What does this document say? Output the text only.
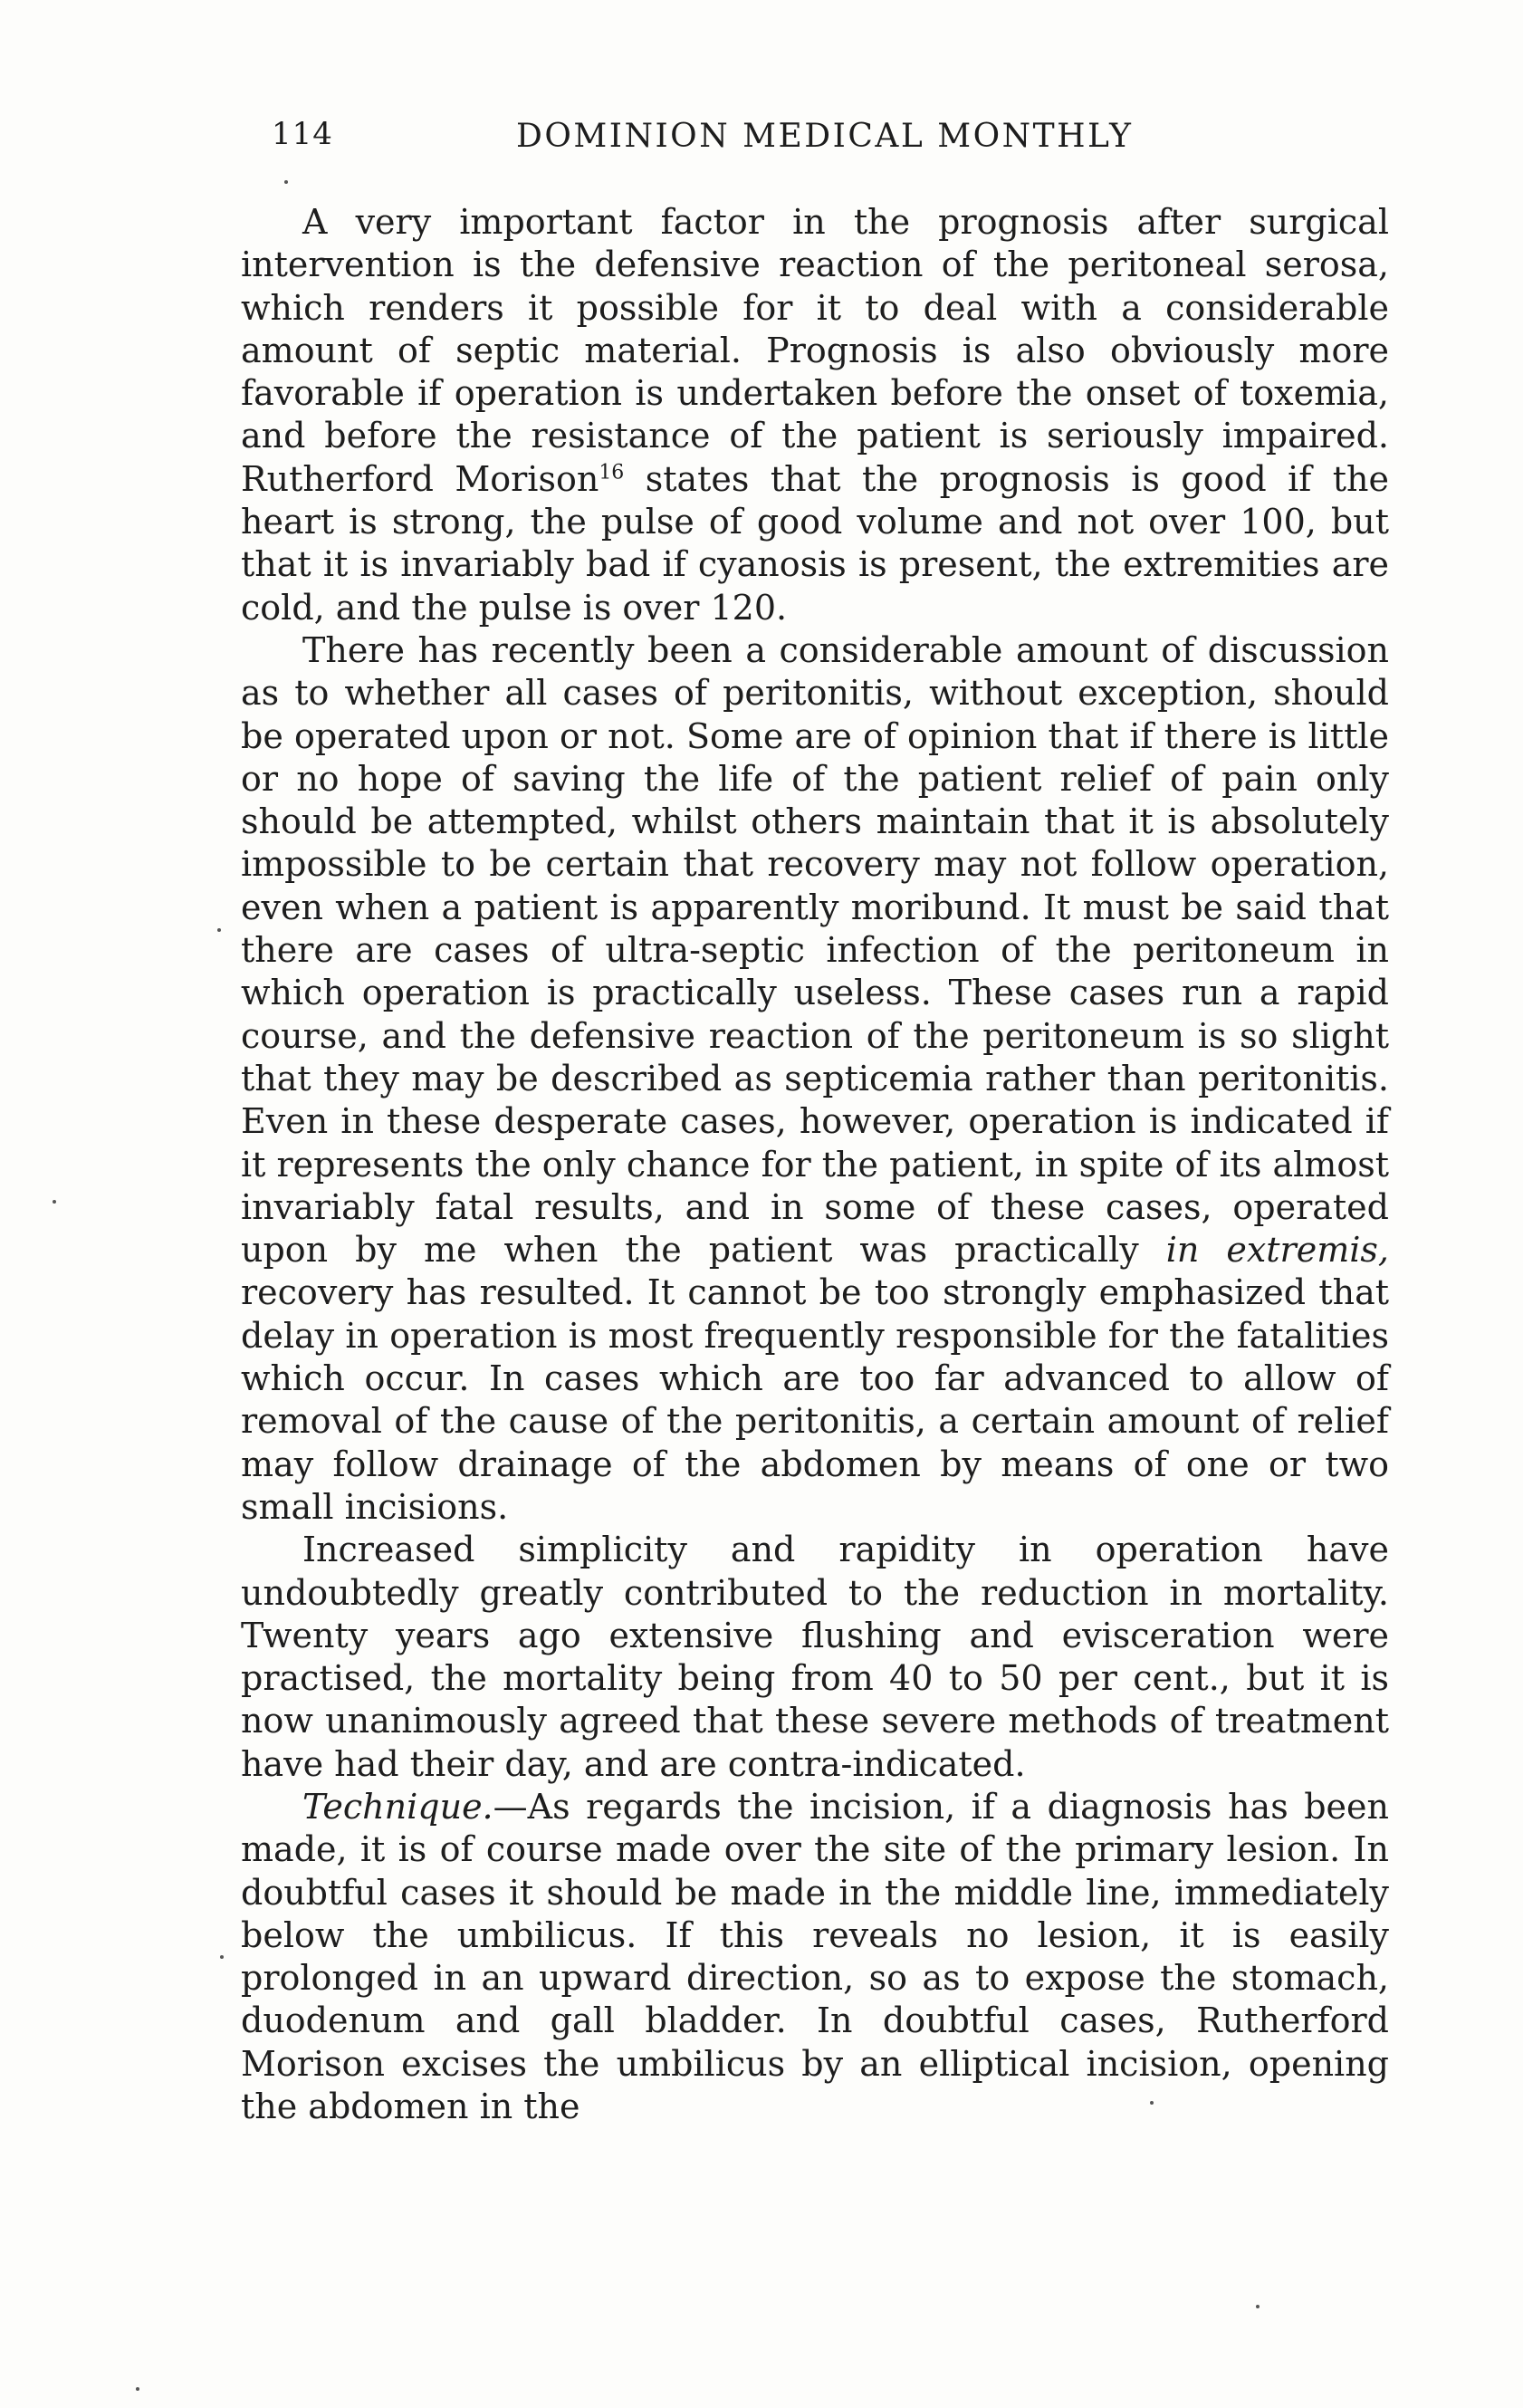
114	DOMINION MEDICAL MONTHLY

A very important factor in the prognosis after surgical intervention is the defensive reaction of the peritoneal serosa, which renders it possible for it to deal with a considerable amount of septic material. Prognosis is also obviously more favorable if operation is undertaken before the onset of toxemia, and before the resistance of the patient is seriously impaired. Rutherford Morison$^{16}$ states that the prognosis is good if the heart is strong, the pulse of good volume and not over 100, but that it is invariably bad if cyanosis is present, the extremities are cold, and the pulse is over 120.

There has recently been a considerable amount of discussion as to whether all cases of peritonitis, without exception, should be operated upon or not. Some are of opinion that if there is little or no hope of saving the life of the patient relief of pain only should be attempted, whilst others maintain that it is absolutely impossible to be certain that recovery may not follow operation, even when a patient is apparently moribund. It must be said that there are cases of ultra-septic infection of the peritoneum in which operation is practically useless. These cases run a rapid course, and the defensive reaction of the peritoneum is so slight that they may be described as septicemia rather than peritonitis. Even in these desperate cases, however, operation is indicated if it represents the only chance for the patient, in spite of its almost invariably fatal results, and in some of these cases, operated upon by me when the patient was practically in extremis, recovery has resulted. It cannot be too strongly emphasized that delay in operation is most frequently responsible for the fatalities which occur. In cases which are too far advanced to allow of removal of the cause of the peritonitis, a certain amount of relief may follow drainage of the abdomen by means of one or two small incisions.

Increased simplicity and rapidity in operation have undoubtedly greatly contributed to the reduction in mortality. Twenty years ago extensive flushing and evisceration were practised, the mortality being from 40 to 50 per cent., but it is now unanimously agreed that these severe methods of treatment have had their day, and are contra-indicated.

Technique.—As regards the incision, if a diagnosis has been made, it is of course made over the site of the primary lesion. In doubtful cases it should be made in the middle line, immediately below the umbilicus. If this reveals no lesion, it is easily prolonged in an upward direction, so as to expose the stomach, duodenum and gall bladder. In doubtful cases, Rutherford Morison excises the umbilicus by an elliptical incision, opening the abdomen in the
